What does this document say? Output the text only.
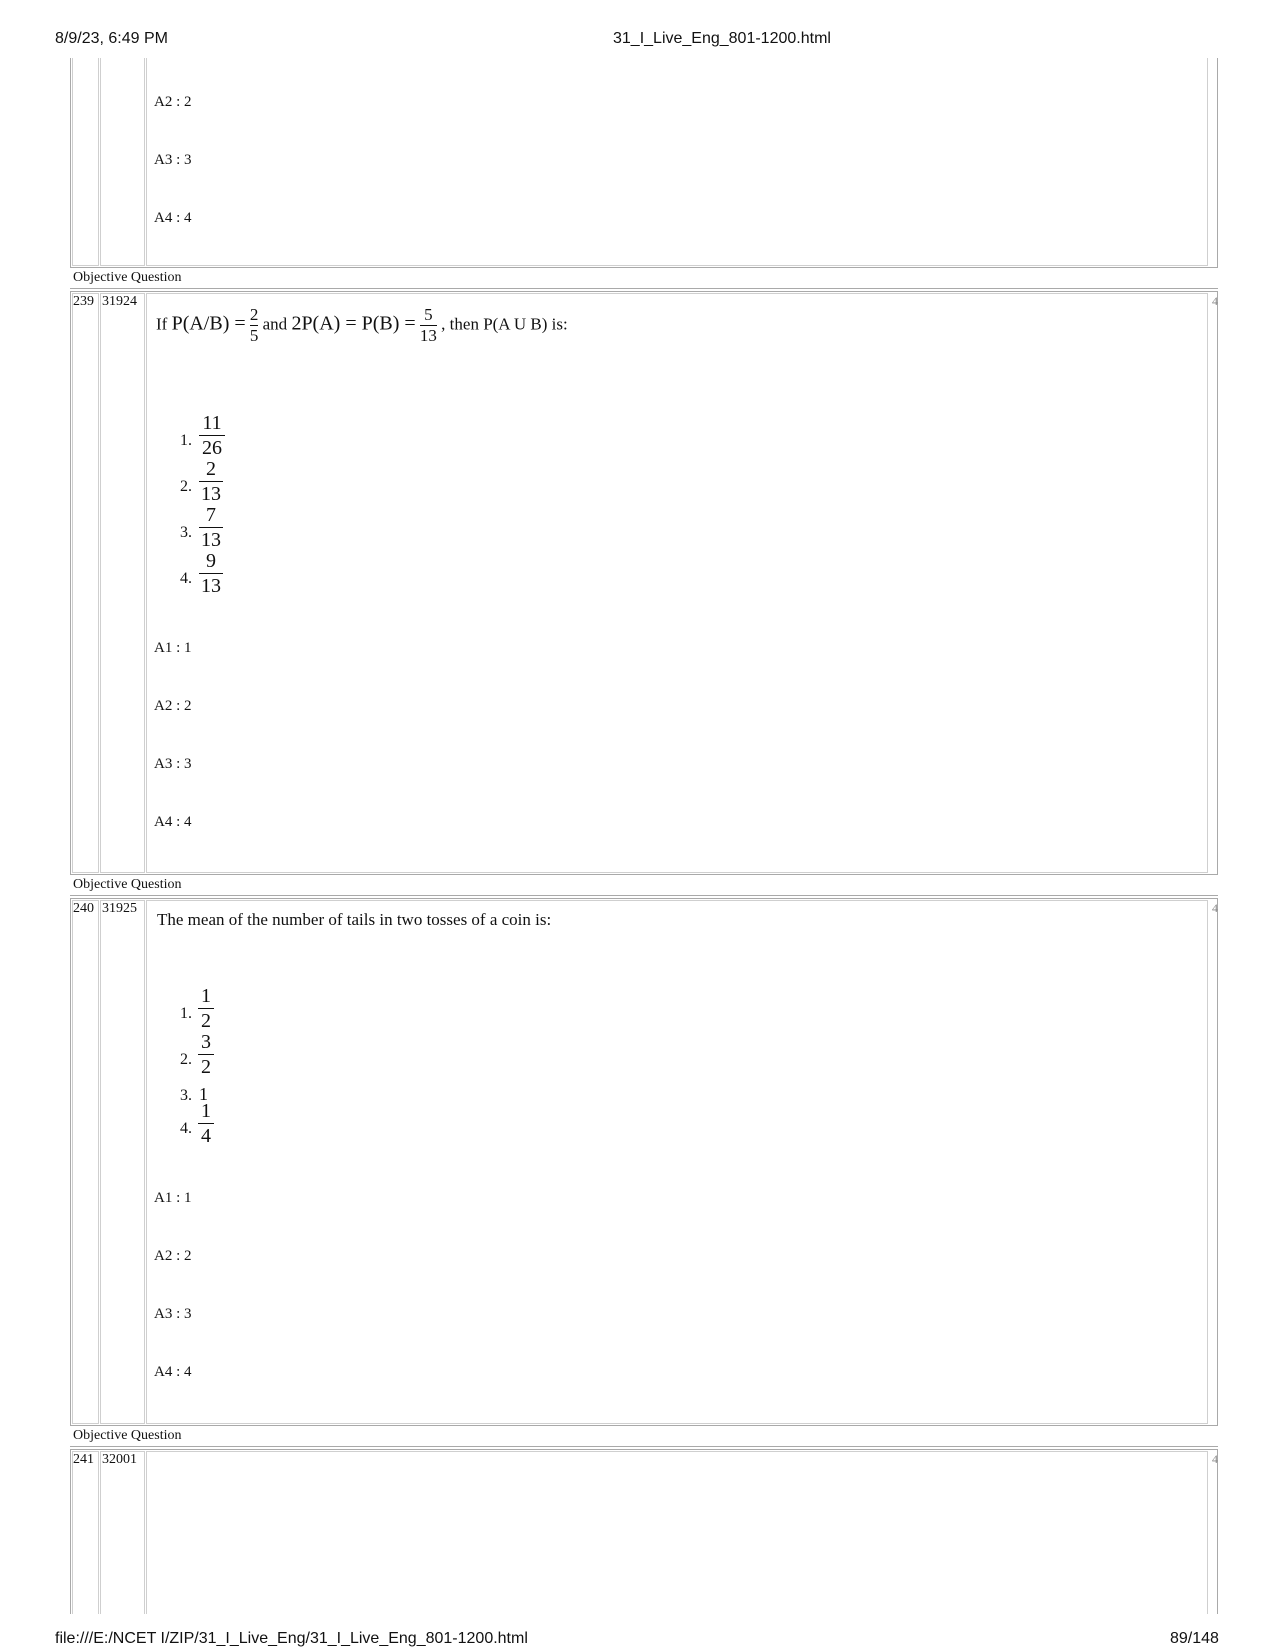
8/9/23, 6:49 PM	31_I_Live_Eng_801-1200.html
A2 : 2
A3 : 3
A4 : 4
Objective Question
239 31924	4
If $P(A/B) = \frac{2}{5}$ and $2P(A) = P(B) = \frac{5}{13}$ , then P(A U B) is:
1.
11
26
2.
2
13
3.
7
13
4.
9
13
A1 : 1
A2 : 2
A3 : 3
A4 : 4
Objective Question
240 31925	4
The mean of the number of tails in two tosses of a coin is:
1.
1
2
2.
3
2
3. 1
4.
1
4
A1 : 1
A2 : 2
A3 : 3
A4 : 4
Objective Question
241 32001	4
file:///E:/NCET I/ZIP/31_I_Live_Eng/31_I_Live_Eng_801-1200.html	89/148
